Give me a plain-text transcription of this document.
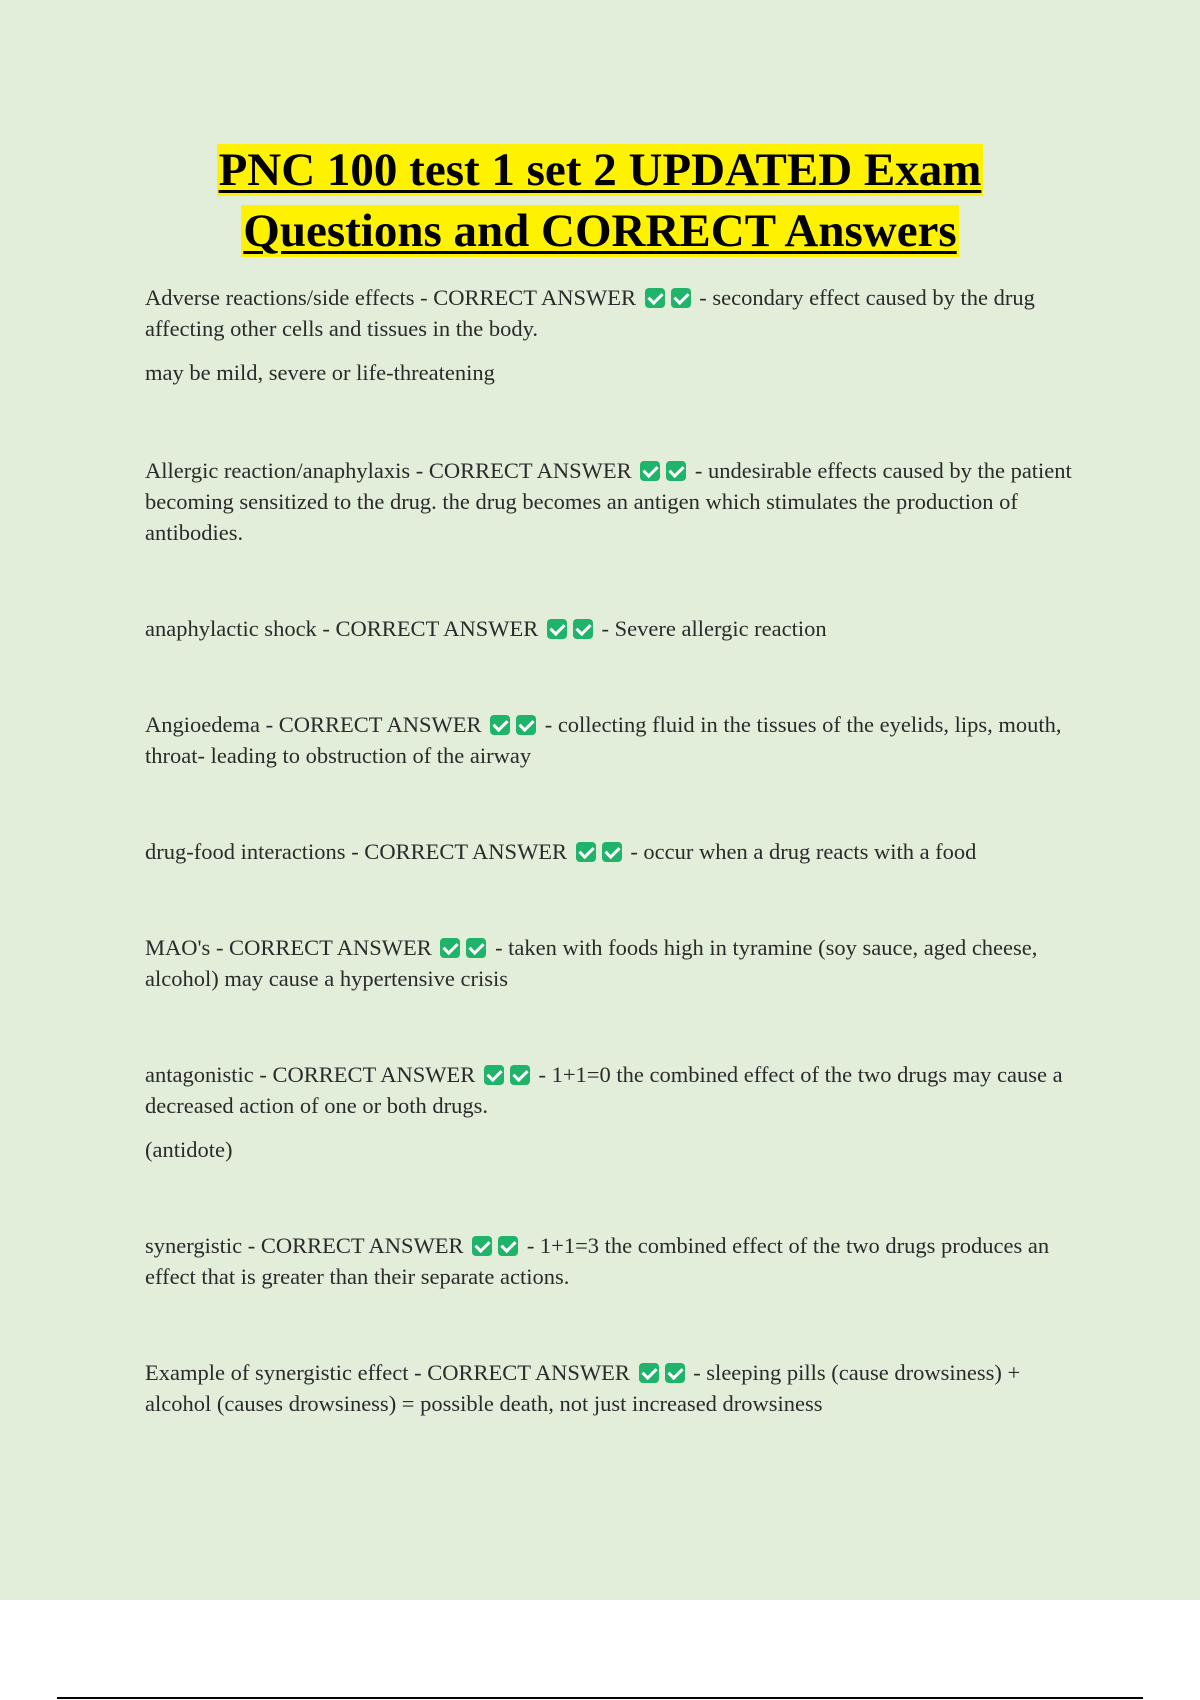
PNC 100 test 1 set 2 UPDATED Exam
Questions and CORRECT Answers

Adverse reactions/side effects - CORRECT ANSWER	- secondary effect caused by the drug affecting other cells and tissues in the body.

may be mild, severe or life-threatening

Allergic reaction/anaphylaxis - CORRECT ANSWER	- undesirable effects caused by the patient becoming sensitized to the drug. the drug becomes an antigen which stimulates the production of antibodies.

anaphylactic shock - CORRECT ANSWER	- Severe allergic reaction

Angioedema - CORRECT ANSWER	- collecting fluid in the tissues of the eyelids, lips, mouth, throat- leading to obstruction of the airway

drug-food interactions - CORRECT ANSWER	- occur when a drug reacts with a food

MAO's - CORRECT ANSWER	- taken with foods high in tyramine (soy sauce, aged cheese, alcohol) may cause a hypertensive crisis

antagonistic - CORRECT ANSWER	- 1+1=0 the combined effect of the two drugs may cause a decreased action of one or both drugs.

(antidote)

synergistic - CORRECT ANSWER	- 1+1=3 the combined effect of the two drugs produces an effect that is greater than their separate actions.

Example of synergistic effect - CORRECT ANSWER	- sleeping pills (cause drowsiness) + alcohol (causes drowsiness) = possible death, not just increased drowsiness
